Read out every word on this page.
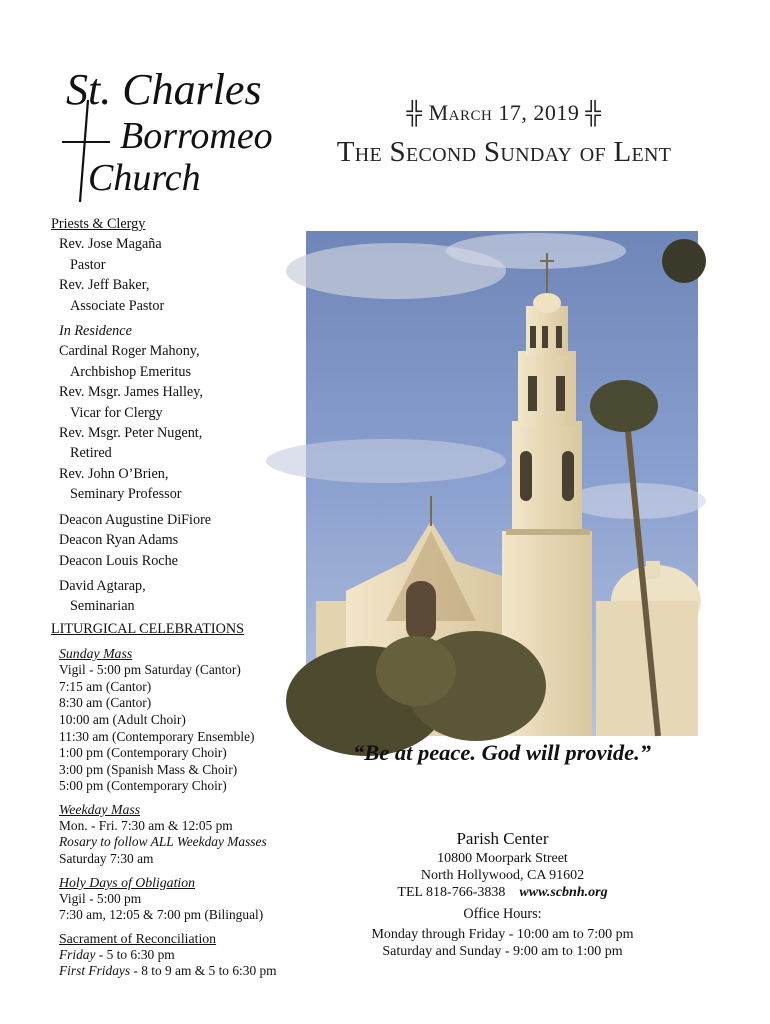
St. Charles
Borromeo
Church
╬ March 17, 2019 ╬
The Second Sunday of Lent
Priests & Clergy
Rev. Jose Magaña
Pastor
Rev. Jeff Baker,
Associate Pastor
In Residence
Cardinal Roger Mahony,
Archbishop Emeritus
Rev. Msgr. James Halley,
Vicar for Clergy
Rev. Msgr. Peter Nugent,
Retired
Rev. John O’Brien,
Seminary Professor
Deacon Augustine DiFiore
Deacon Ryan Adams
Deacon Louis Roche
David Agtarap,
Seminarian
LITURGICAL CELEBRATIONS
Sunday Mass
Vigil - 5:00 pm Saturday (Cantor)
7:15 am (Cantor)
8:30 am (Cantor)
10:00 am (Adult Choir)
11:30 am (Contemporary Ensemble)
1:00 pm (Contemporary Choir)
3:00 pm (Spanish Mass & Choir)
5:00 pm (Contemporary Choir)
Weekday Mass
Mon. - Fri. 7:30 am & 12:05 pm
Rosary to follow ALL Weekday Masses
Saturday 7:30 am
Holy Days of Obligation
Vigil - 5:00 pm
7:30 am, 12:05 & 7:00 pm (Bilingual)
Sacrament of Reconciliation
Friday - 5 to 6:30 pm
First Fridays - 8 to 9 am & 5 to 6:30 pm
“Be at peace. God will provide.”
Parish Center
10800 Moorpark Street
North Hollywood, CA 91602
TEL 818-766-3838 www.scbnh.org
Office Hours:
Monday through Friday - 10:00 am to 7:00 pm
Saturday and Sunday - 9:00 am to 1:00 pm
